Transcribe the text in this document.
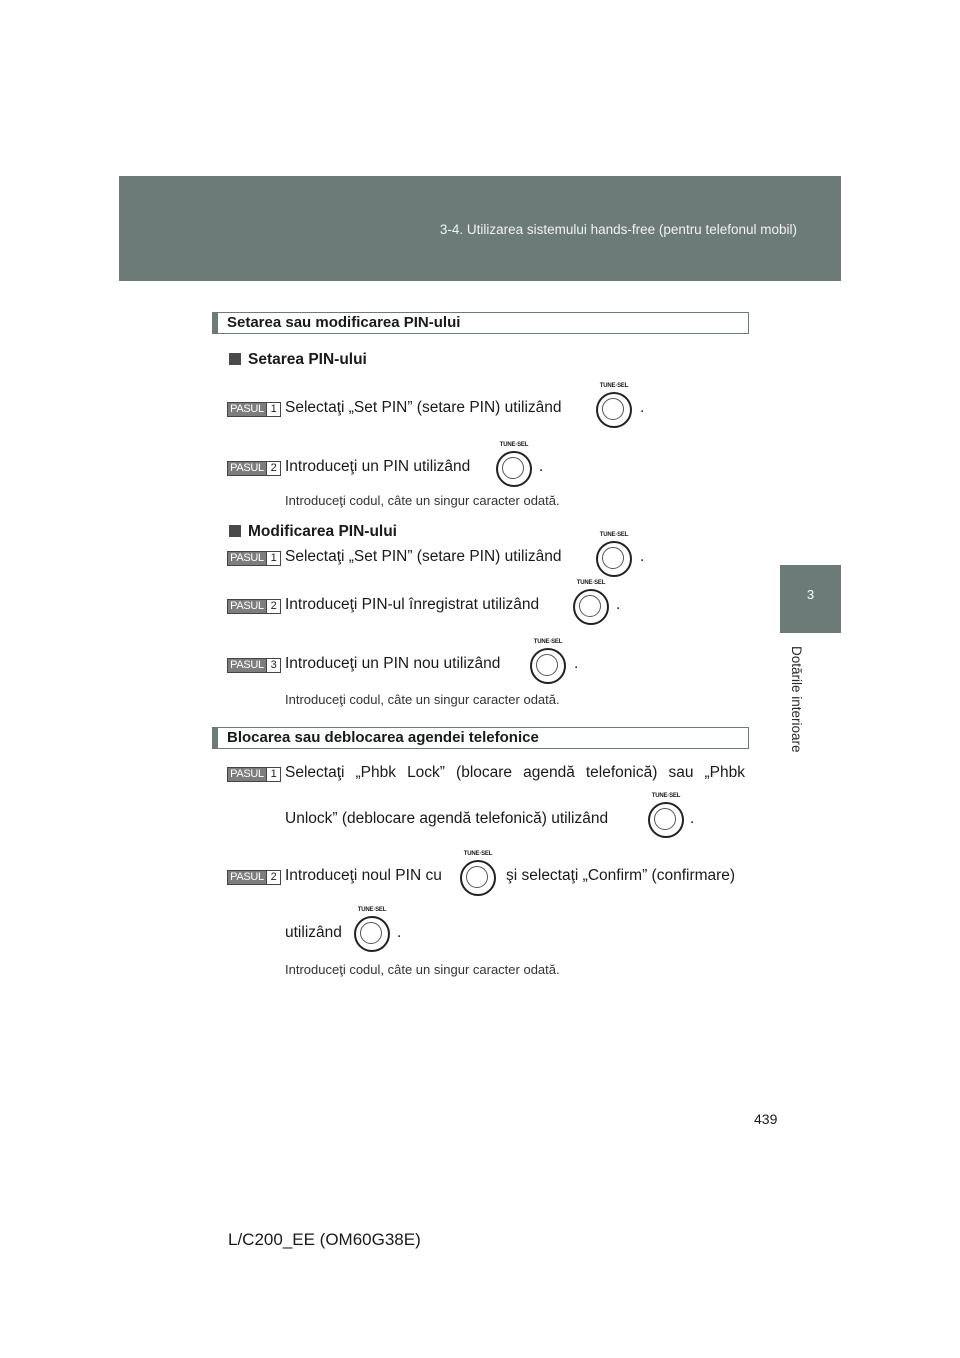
3-4. Utilizarea sistemului hands-free (pentru telefonul mobil)
3
Dotările interioare
Setarea sau modificarea PIN-ului
Setarea PIN-ului
PASUL 1 Selectaţi „Set PIN” (setare PIN) utilizând
TUNE·SEL
.
PASUL 2 Introduceţi un PIN utilizând
TUNE·SEL
.
Introduceţi codul, câte un singur caracter odată.
Modificarea PIN-ului
PASUL 1 Selectaţi „Set PIN” (setare PIN) utilizând
TUNE·SEL
.
PASUL 2 Introduceţi PIN-ul înregistrat utilizând
TUNE·SEL
.
PASUL 3 Introduceţi un PIN nou utilizând
TUNE·SEL
.
Introduceţi codul, câte un singur caracter odată.
Blocarea sau deblocarea agendei telefonice
PASUL 1 Selectaţi „Phbk Lock” (blocare agendă telefonică) sau „Phbk
Unlock” (deblocare agendă telefonică) utilizând
TUNE·SEL
.
PASUL 2 Introduceţi noul PIN cu
TUNE·SEL
şi selectaţi „Confirm” (confirmare)
utilizând
TUNE·SEL
.
Introduceţi codul, câte un singur caracter odată.
439
L/C200_EE (OM60G38E)
